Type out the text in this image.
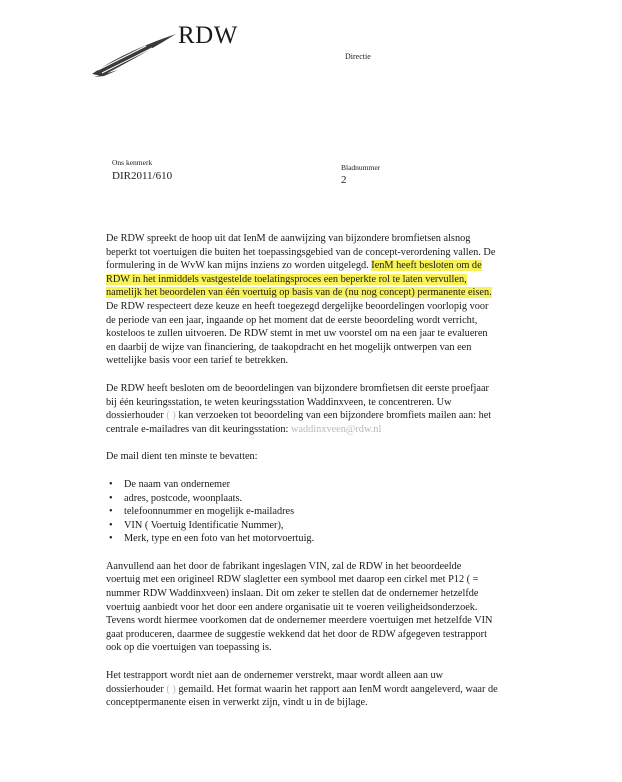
RDW
Directie
Ons kenmerk
DIR2011/610
Bladnummer
2

De RDW spreekt de hoop uit dat IenM de aanwijzing van bijzondere bromfietsen alsnog beperkt tot voertuigen die buiten het toepassingsgebied van de concept-verordening vallen. De formulering in de WvW kan mijns inziens zo worden uitgelegd. IenM heeft besloten om de RDW in het inmiddels vastgestelde toelatingsproces een beperkte rol te laten vervullen, namelijk het beoordelen van één voertuig op basis van de (nu nog concept) permanente eisen. De RDW respecteert deze keuze en heeft toegezegd dergelijke beoordelingen voorlopig voor de periode van een jaar, ingaande op het moment dat de eerste beoordeling wordt verricht, kosteloos te zullen uitvoeren. De RDW stemt in met uw voorstel om na een jaar te evalueren en daarbij de wijze van financiering, de taakopdracht en het mogelijk ontwerpen van een wettelijke basis voor een tarief te betrekken.

De RDW heeft besloten om de beoordelingen van bijzondere bromfietsen dit eerste proefjaar bij één keuringsstation, te weten keuringsstation Waddinxveen, te concentreren. Uw dossierhouder ( ) kan verzoeken tot beoordeling van een bijzondere bromfiets mailen aan: het centrale e-mailadres van dit keuringsstation: waddinxveen@rdw.nl

De mail dient ten minste te bevatten:

• De naam van ondernemer
• adres, postcode, woonplaats.
• telefoonnummer en mogelijk e-mailadres
• VIN ( Voertuig Identificatie Nummer),
• Merk, type en een foto van het motorvoertuig.

Aanvullend aan het door de fabrikant ingeslagen VIN, zal de RDW in het beoordeelde voertuig met een origineel RDW slagletter een symbool met daarop een cirkel met P12 ( = nummer RDW Waddinxveen) inslaan. Dit om zeker te stellen dat de ondernemer hetzelfde voertuig aanbiedt voor het door een andere organisatie uit te voeren veiligheidsonderzoek. Tevens wordt hiermee voorkomen dat de ondernemer meerdere voertuigen met hetzelfde VIN gaat produceren, daarmee de suggestie wekkend dat het door de RDW afgegeven testrapport ook op die voertuigen van toepassing is.

Het testrapport wordt niet aan de ondernemer verstrekt, maar wordt alleen aan uw dossierhouder ( ) gemaild. Het format waarin het rapport aan IenM wordt aangeleverd, waar de conceptpermanente eisen in verwerkt zijn, vindt u in de bijlage.
